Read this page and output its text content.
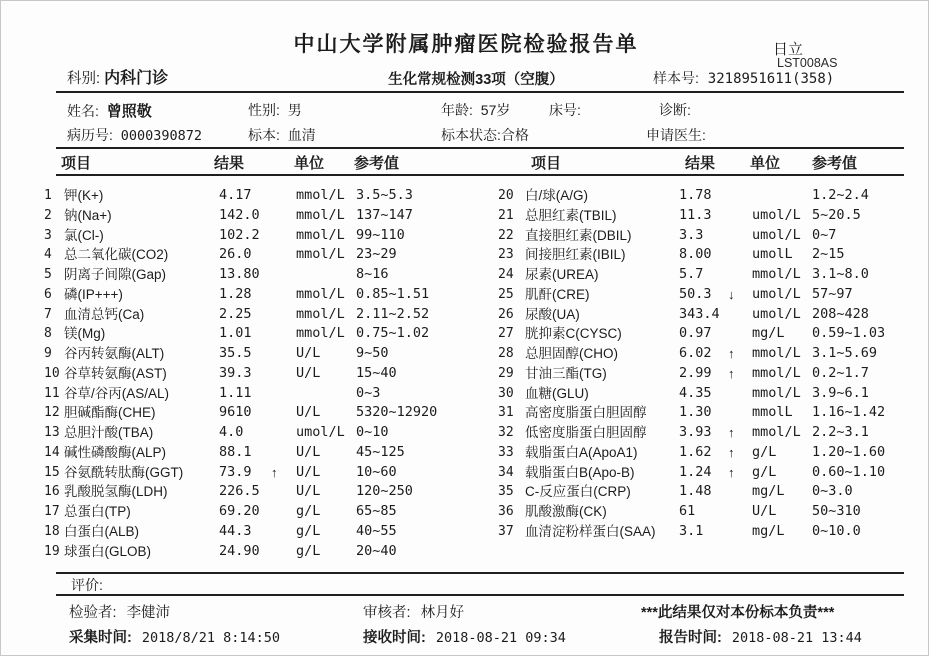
中山大学附属肿瘤医院检验报告单	日立
LST008AS
科别: 内科门诊	生化常规检测33项（空腹）	样本号: 3218951611(358)
姓名: 曾照敬	性别: 男	年龄: 57岁	床号:	诊断:
病历号: 0000390872	标本: 血清	标本状态:合格	申请医生:
项目	结果	单位 参考值	项目	结果 单位 参考值
1 钾(K+)	4.17	mmol/L 3.5~5.3
2 钠(Na+)	142.0	mmol/L 137~147
3 氯(Cl-)	102.2	mmol/L 99~110
4 总二氧化碳(CO2)	26.0	mmol/L 23~29
5 阴离子间隙(Gap)	13.80	8~16
6 磷(IP+++)	1.28	mmol/L 0.85~1.51
7 血清总钙(Ca)	2.25	mmol/L 2.11~2.52
8 镁(Mg)	1.01	mmol/L 0.75~1.02
9 谷丙转氨酶(ALT)	35.5	U/L	9~50
10 谷草转氨酶(AST)	39.3	U/L	15~40
11 谷草/谷丙(AS/AL)	1.11	0~3
12 胆碱酯酶(CHE)	9610	U/L	5320~12920
13 总胆汁酸(TBA)	4.0	umol/L 0~10
14 碱性磷酸酶(ALP)	88.1	U/L	45~125
15 谷氨酰转肽酶(GGT)	73.9	↑	U/L	10~60
16 乳酸脱氢酶(LDH)	226.5	U/L	120~250
17 总蛋白(TP)	69.20	g/L	65~85
18 白蛋白(ALB)	44.3	g/L	40~55
19 球蛋白(GLOB)	24.90	g/L	20~40
20 白/球(A/G)	1.78	1.2~2.4
21 总胆红素(TBIL)	11.3	umol/L 5~20.5
22 直接胆红素(DBIL)	3.3	umol/L 0~7
23 间接胆红素(IBIL)	8.00	umolL	2~15
24 尿素(UREA)	5.7	mmol/L 3.1~8.0
25 肌酐(CRE)	50.3	↓	umol/L 57~97
26 尿酸(UA)	343.4	umol/L 208~428
27 胱抑素C(CYSC)	0.97	mg/L	0.59~1.03
28 总胆固醇(CHO)	6.02	↑	mmol/L 3.1~5.69
29 甘油三酯(TG)	2.99	↑	mmol/L 0.2~1.7
30 血糖(GLU)	4.35	mmol/L 3.9~6.1
31 高密度脂蛋白胆固醇	1.30	mmolL	1.16~1.42
32 低密度脂蛋白胆固醇	3.93	↑	mmol/L 2.2~3.1
33 载脂蛋白A(ApoA1)	1.62	↑	g/L	1.20~1.60
34 载脂蛋白B(Apo-B)	1.24	↑	g/L	0.60~1.10
35 C-反应蛋白(CRP)	1.48	mg/L	0~3.0
36 肌酸激酶(CK)	61	U/L	50~310
37 血清淀粉样蛋白(SAA)	3.1	mg/L	0~10.0
评价:
检验者: 李健沛	审核者: 林月好	***此结果仅对本份标本负责***
采集时间: 2018/8/21 8:14:50	接收时间: 2018-08-21 09:34	报告时间: 2018-08-21 13:44
